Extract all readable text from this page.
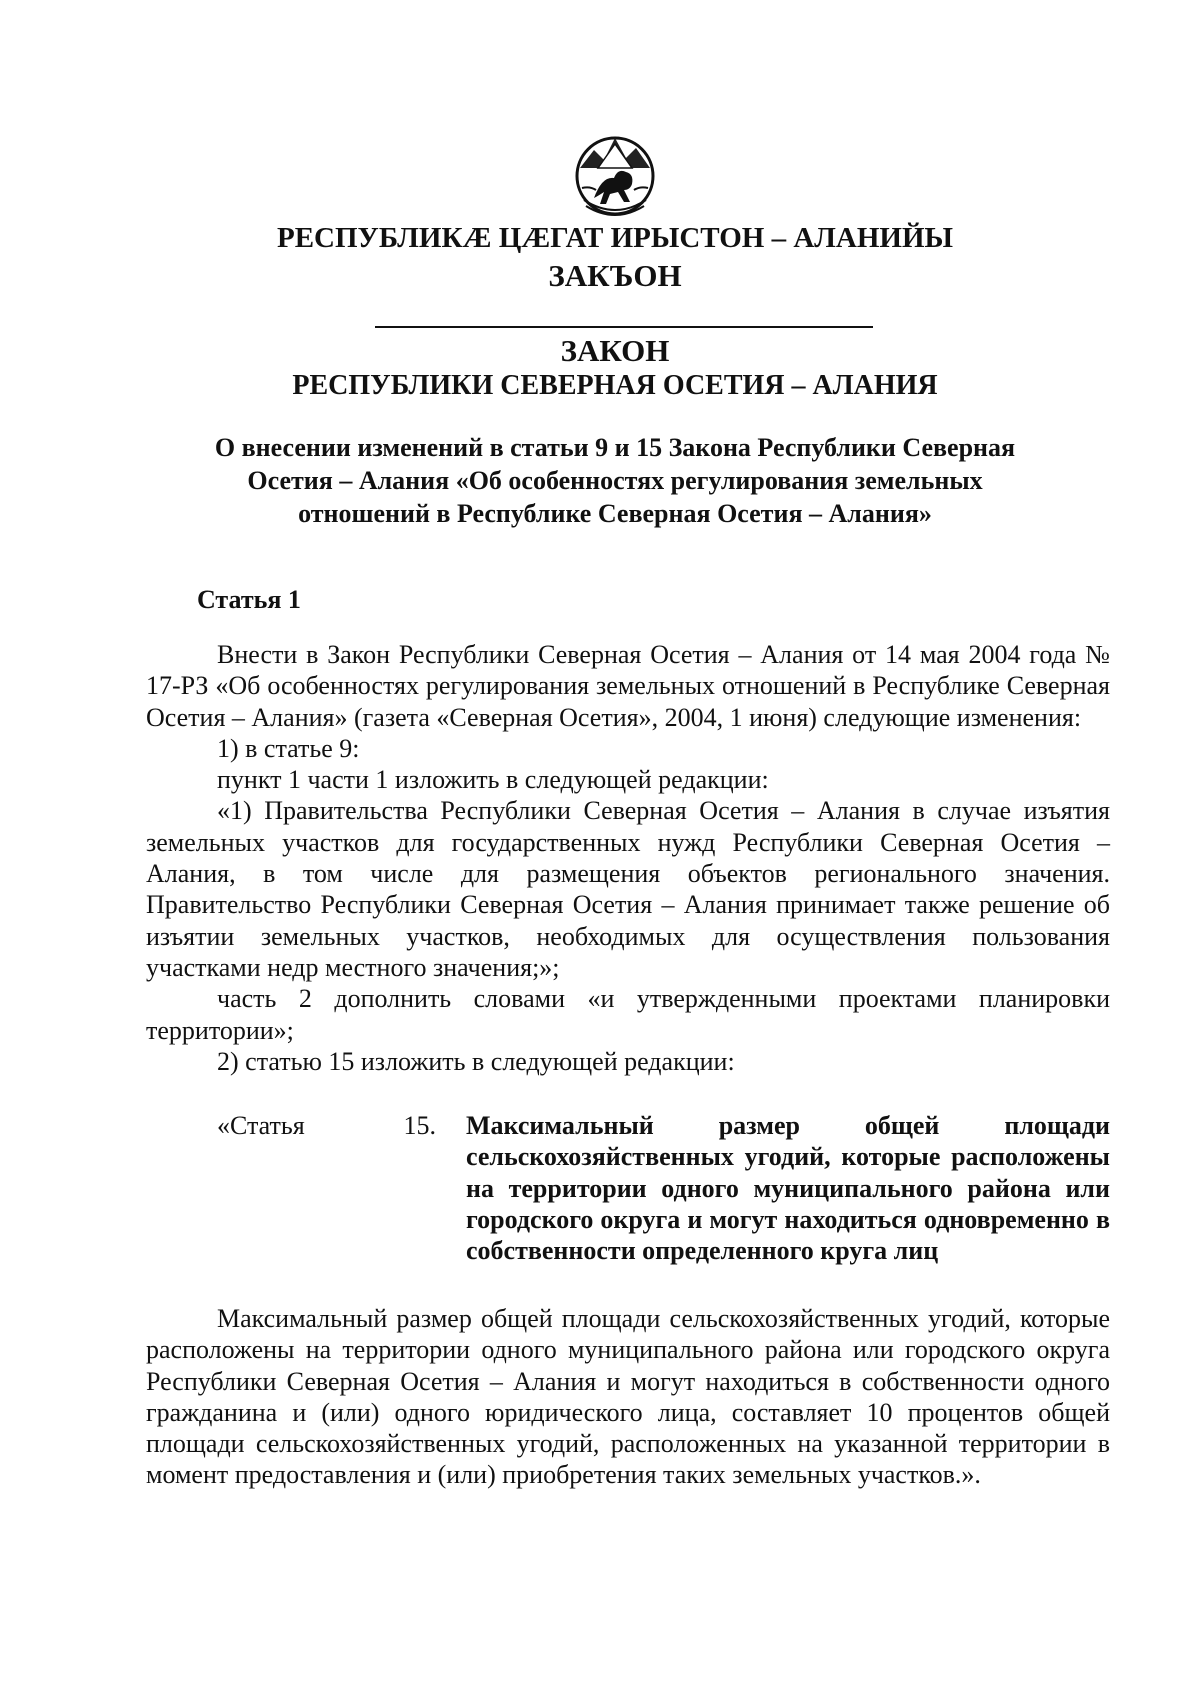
РЕСПУБЛИКÆ ЦÆГАТ ИРЫСТОН – АЛАНИЙЫ
ЗАКЪОН
ЗАКОН
РЕСПУБЛИКИ СЕВЕРНАЯ ОСЕТИЯ – АЛАНИЯ
О внесении изменений в статьи 9 и 15 Закона Республики Северная
Осетия – Алания «Об особенностях регулирования земельных
отношений в Республике Северная Осетия – Алания»
Статья 1

Внести в Закон Республики Северная Осетия – Алания от 14 мая 2004 года № 17-РЗ «Об особенностях регулирования земельных отношений в Республике Северная Осетия – Алания» (газета «Северная Осетия», 2004, 1 июня) следующие изменения:

1) в статье 9:

пункт 1 части 1 изложить в следующей редакции:

«1) Правительства Республики Северная Осетия – Алания в случае изъятия земельных участков для государственных нужд Республики Северная Осетия – Алания, в том числе для размещения объектов регионального значения. Правительство Республики Северная Осетия – Алания принимает также решение об изъятии земельных участков, необходимых для осуществления пользования участками недр местного значения;»;

часть 2 дополнить словами «и утвержденными проектами планировки территории»;

2) статью 15 изложить в следующей редакции:

«Статья	15. Максимальный размер общей площади сельскохозяйственных угодий, которые расположены на территории одного муниципального района или городского округа и могут находиться одновременно в собственности определенного круга лиц

Максимальный размер общей площади сельскохозяйственных угодий, которые расположены на территории одного муниципального района или городского округа Республики Северная Осетия – Алания и могут находиться в собственности одного гражданина и (или) одного юридического лица, составляет 10 процентов общей площади сельскохозяйственных угодий, расположенных на указанной территории в момент предоставления и (или) приобретения таких земельных участков.».
